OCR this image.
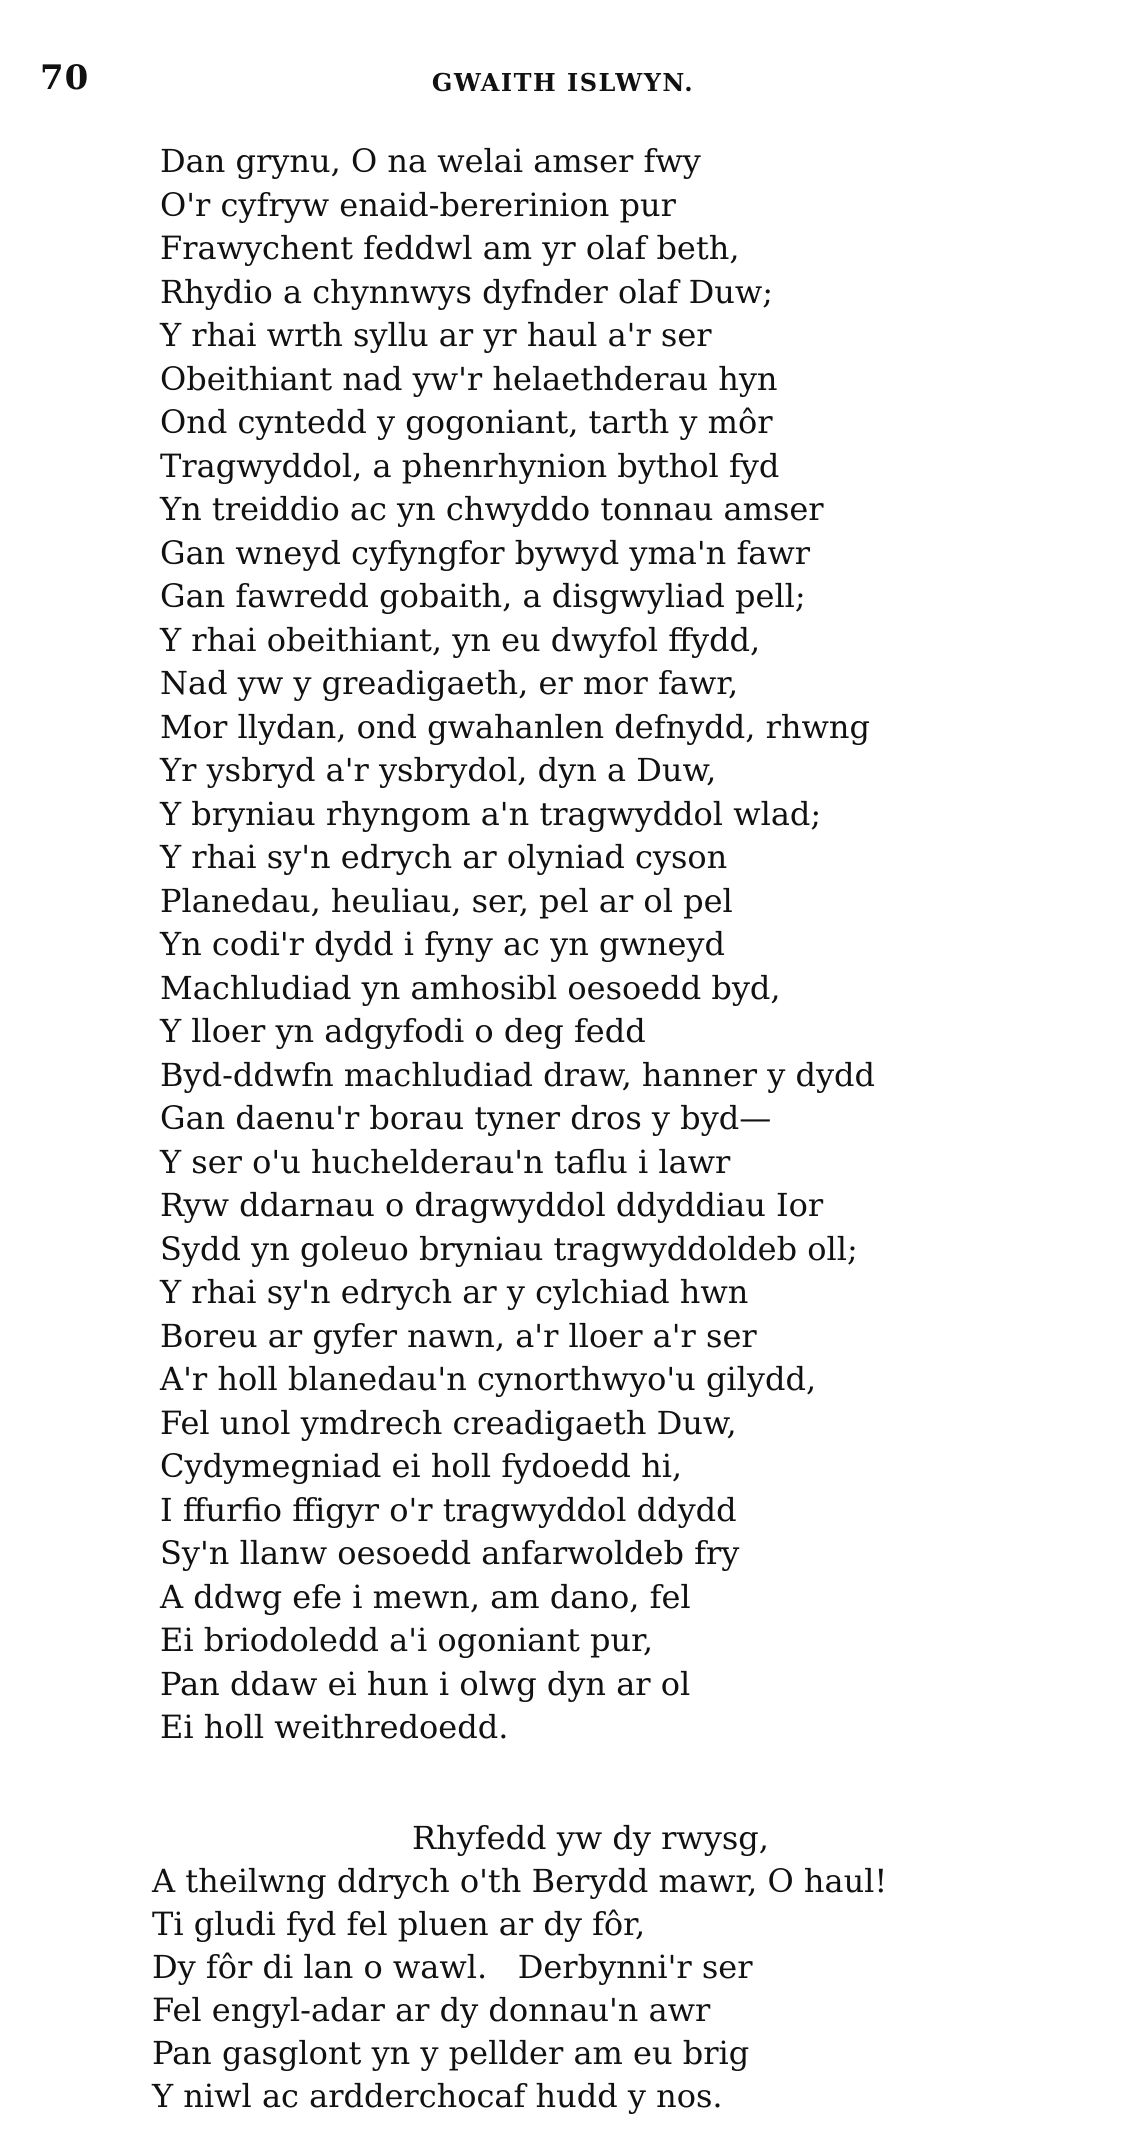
70	GWAITH ISLWYN.
Dan grynu, O na welai amser fwy
O'r cyfryw enaid-bererinion pur
Frawychent feddwl am yr olaf beth,
Rhydio a chynnwys dyfnder olaf Duw;
Y rhai wrth syllu ar yr haul a'r ser
Obeithiant nad yw'r helaethderau hyn
Ond cyntedd y gogoniant, tarth y môr
Tragwyddol, a phenrhynion bythol fyd
Yn treiddio ac yn chwyddo tonnau amser
Gan wneyd cyfyngfor bywyd yma'n fawr
Gan fawredd gobaith, a disgwyliad pell;
Y rhai obeithiant, yn eu dwyfol ffydd,
Nad yw y greadigaeth, er mor fawr,
Mor llydan, ond gwahanlen defnydd, rhwng
Yr ysbryd a'r ysbrydol, dyn a Duw,
Y bryniau rhyngom a'n tragwyddol wlad;
Y rhai sy'n edrych ar olyniad cyson
Planedau, heuliau, ser, pel ar ol pel
Yn codi'r dydd i fyny ac yn gwneyd
Machludiad yn amhosibl oesoedd byd,
Y lloer yn adgyfodi o deg fedd
Byd-ddwfn machludiad draw, hanner y dydd
Gan daenu'r borau tyner dros y byd—
Y ser o'u huchelderau'n taflu i lawr
Ryw ddarnau o dragwyddol ddyddiau Ior
Sydd yn goleuo bryniau tragwyddoldeb oll;
Y rhai sy'n edrych ar y cylchiad hwn
Boreu ar gyfer nawn, a'r lloer a'r ser
A'r holl blanedau'n cynorthwyo'u gilydd,
Fel unol ymdrech creadigaeth Duw,
Cydymegniad ei holl fydoedd hi,
I ffurfio ffigyr o'r tragwyddol ddydd
Sy'n llanw oesoedd anfarwoldeb fry
A ddwg efe i mewn, am dano, fel
Ei briodoledd a'i ogoniant pur,
Pan ddaw ei hun i olwg dyn ar ol
Ei holl weithredoedd.
Rhyfedd yw dy rwysg,
A theilwng ddrych o'th Berydd mawr, O haul!
Ti gludi fyd fel pluen ar dy fôr,
Dy fôr di lan o wawl.   Derbynni'r ser
Fel engyl-adar ar dy donnau'n awr
Pan gasglont yn y pellder am eu brig
Y niwl ac ardderchocaf hudd y nos.
